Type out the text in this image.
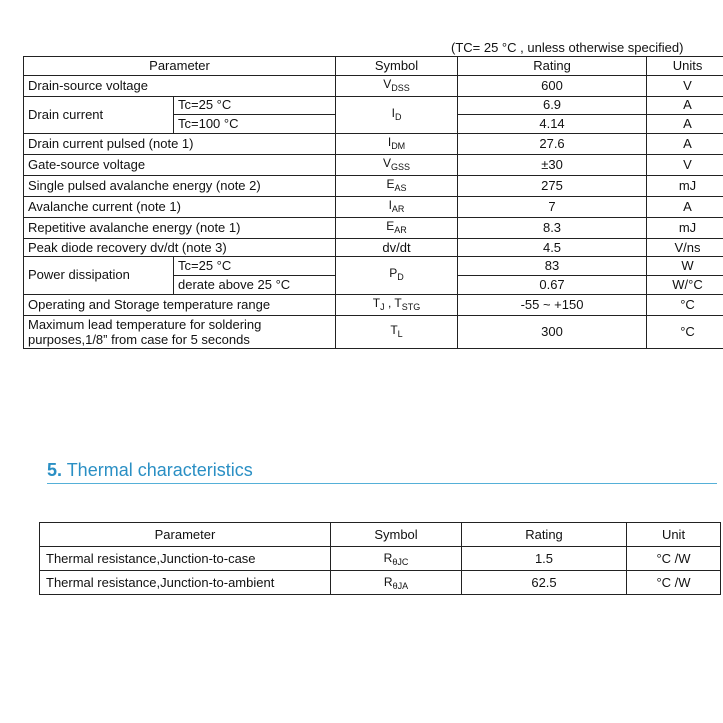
(TC= 25 °C , unless otherwise specified)
Parameter		Symbol	Rating	Units
Drain-source voltage		$V_{DSS}$	600	V
Drain current	Tc=25 °C	$I_D$	6.9	A
	Tc=100 °C		4.14	A
Drain current pulsed (note 1)		$I_{DM}$	27.6	A
Gate-source voltage		$V_{GSS}$	±30	V
Single pulsed avalanche energy (note 2)		$E_{AS}$	275	mJ
Avalanche current (note 1)		$I_{AR}$	7	A
Repetitive avalanche energy (note 1)		$E_{AR}$	8.3	mJ
Peak diode recovery dv/dt (note 3)		dv/dt	4.5	V/ns
Power dissipation	Tc=25 °C	$P_D$	83	W
	derate above 25 °C		0.67	W/°C
Operating and Storage temperature range		$T_J$ , $T_{STG}$	-55 ~ +150	°C
Maximum lead temperature for soldering purposes,1/8” from case for 5 seconds		$T_L$	300	°C
5. Thermal characteristics
Parameter	Symbol	Rating	Unit
Thermal resistance,Junction-to-case	$R_{\theta JC}$	1.5	°C /W
Thermal resistance,Junction-to-ambient	$R_{\theta JA}$	62.5	°C /W
